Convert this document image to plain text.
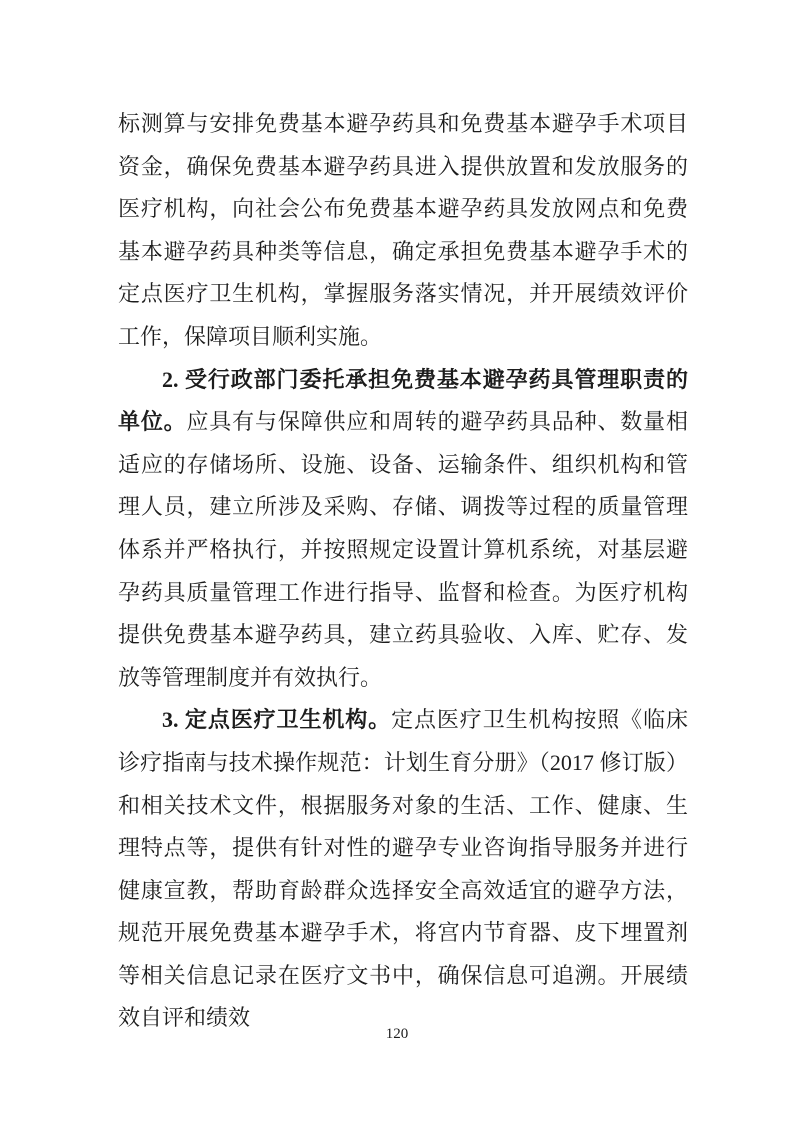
标测算与安排免费基本避孕药具和免费基本避孕手术项目资金，确保免费基本避孕药具进入提供放置和发放服务的医疗机构，向社会公布免费基本避孕药具发放网点和免费基本避孕药具种类等信息，确定承担免费基本避孕手术的定点医疗卫生机构，掌握服务落实情况，并开展绩效评价工作，保障项目顺利实施。

2. 受行政部门委托承担免费基本避孕药具管理职责的单位。应具有与保障供应和周转的避孕药具品种、数量相适应的存储场所、设施、设备、运输条件、组织机构和管理人员，建立所涉及采购、存储、调拨等过程的质量管理体系并严格执行，并按照规定设置计算机系统，对基层避孕药具质量管理工作进行指导、监督和检查。为医疗机构提供免费基本避孕药具，建立药具验收、入库、贮存、发放等管理制度并有效执行。

3. 定点医疗卫生机构。定点医疗卫生机构按照《临床诊疗指南与技术操作规范：计划生育分册》（2017 修订版）和相关技术文件，根据服务对象的生活、工作、健康、生理特点等，提供有针对性的避孕专业咨询指导服务并进行健康宣教，帮助育龄群众选择安全高效适宜的避孕方法，规范开展免费基本避孕手术，将宫内节育器、皮下埋置剂等相关信息记录在医疗文书中，确保信息可追溯。开展绩效自评和绩效

120
